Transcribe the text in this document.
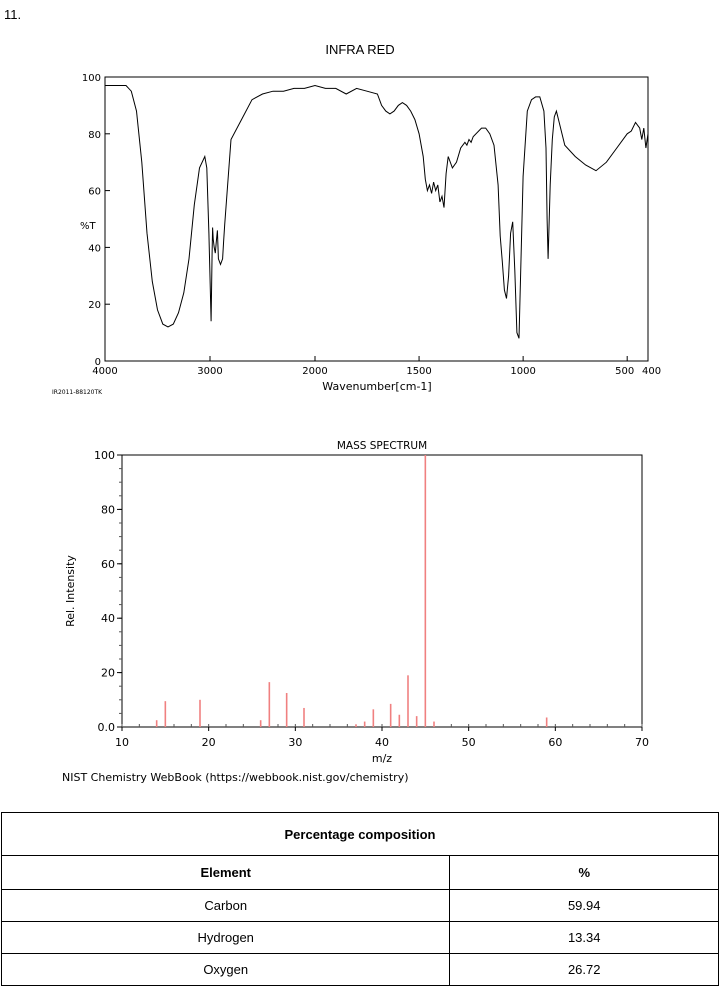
11.
INFRA RED
0
20
40
60
80
100
4000	3000	2000	1500	1000	500 400
%T
Wavenumber[cm-1]
IR2011-88120TK
MASS SPECTRUM
10	20	30	40	50	60	70
0.0
20
40
60
80
100
m/z
Rel. Intensity
NIST Chemistry WebBook (https://webbook.nist.gov/chemistry)
Percentage composition	
Element	%
Carbon	59.94
Hydrogen	13.34
Oxygen	26.72
